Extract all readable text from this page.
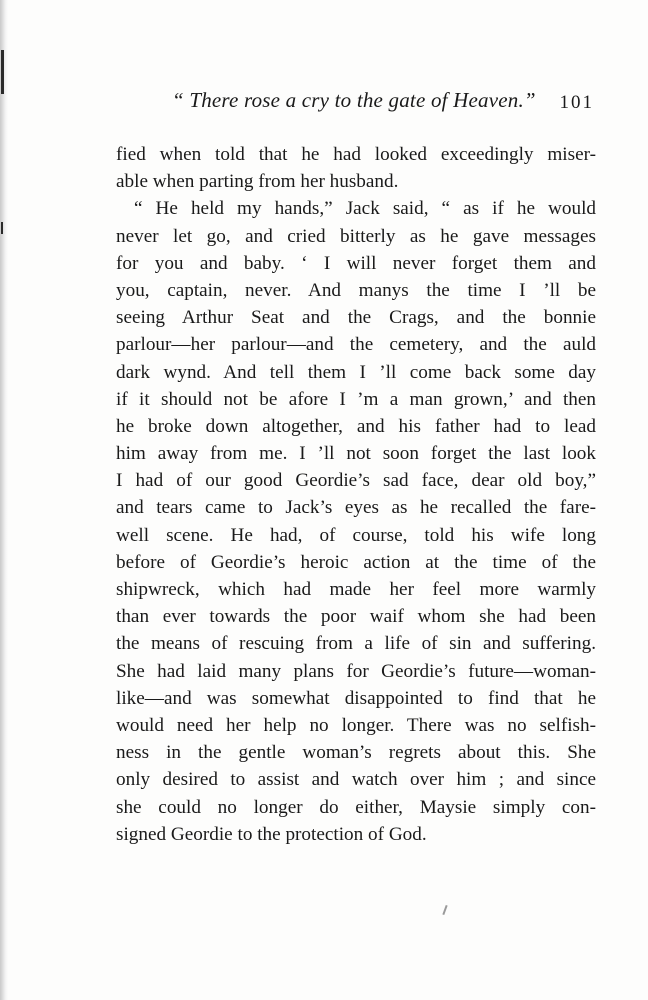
“ There rose a cry to the gate of Heaven.” 101
fied when told that he had looked exceedingly miser-
able when parting from her husband.
“ He held my hands,” Jack said, “ as if he would
never let go, and cried bitterly as he gave messages
for you and baby. ‘ I will never forget them and
you, captain, never. And manys the time I ’ll be
seeing Arthur Seat and the Crags, and the bonnie
parlour—her parlour—and the cemetery, and the auld
dark wynd. And tell them I ’ll come back some day
if it should not be afore I ’m a man grown,’ and then
he broke down altogether, and his father had to lead
him away from me. I ’ll not soon forget the last look
I had of our good Geordie’s sad face, dear old boy,”
and tears came to Jack’s eyes as he recalled the fare-
well scene. He had, of course, told his wife long
before of Geordie’s heroic action at the time of the
shipwreck, which had made her feel more warmly
than ever towards the poor waif whom she had been
the means of rescuing from a life of sin and suffering.
She had laid many plans for Geordie’s future—woman-
like—and was somewhat disappointed to find that he
would need her help no longer. There was no selfish-
ness in the gentle woman’s regrets about this. She
only desired to assist and watch over him ; and since
she could no longer do either, Maysie simply con-
signed Geordie to the protection of God.
